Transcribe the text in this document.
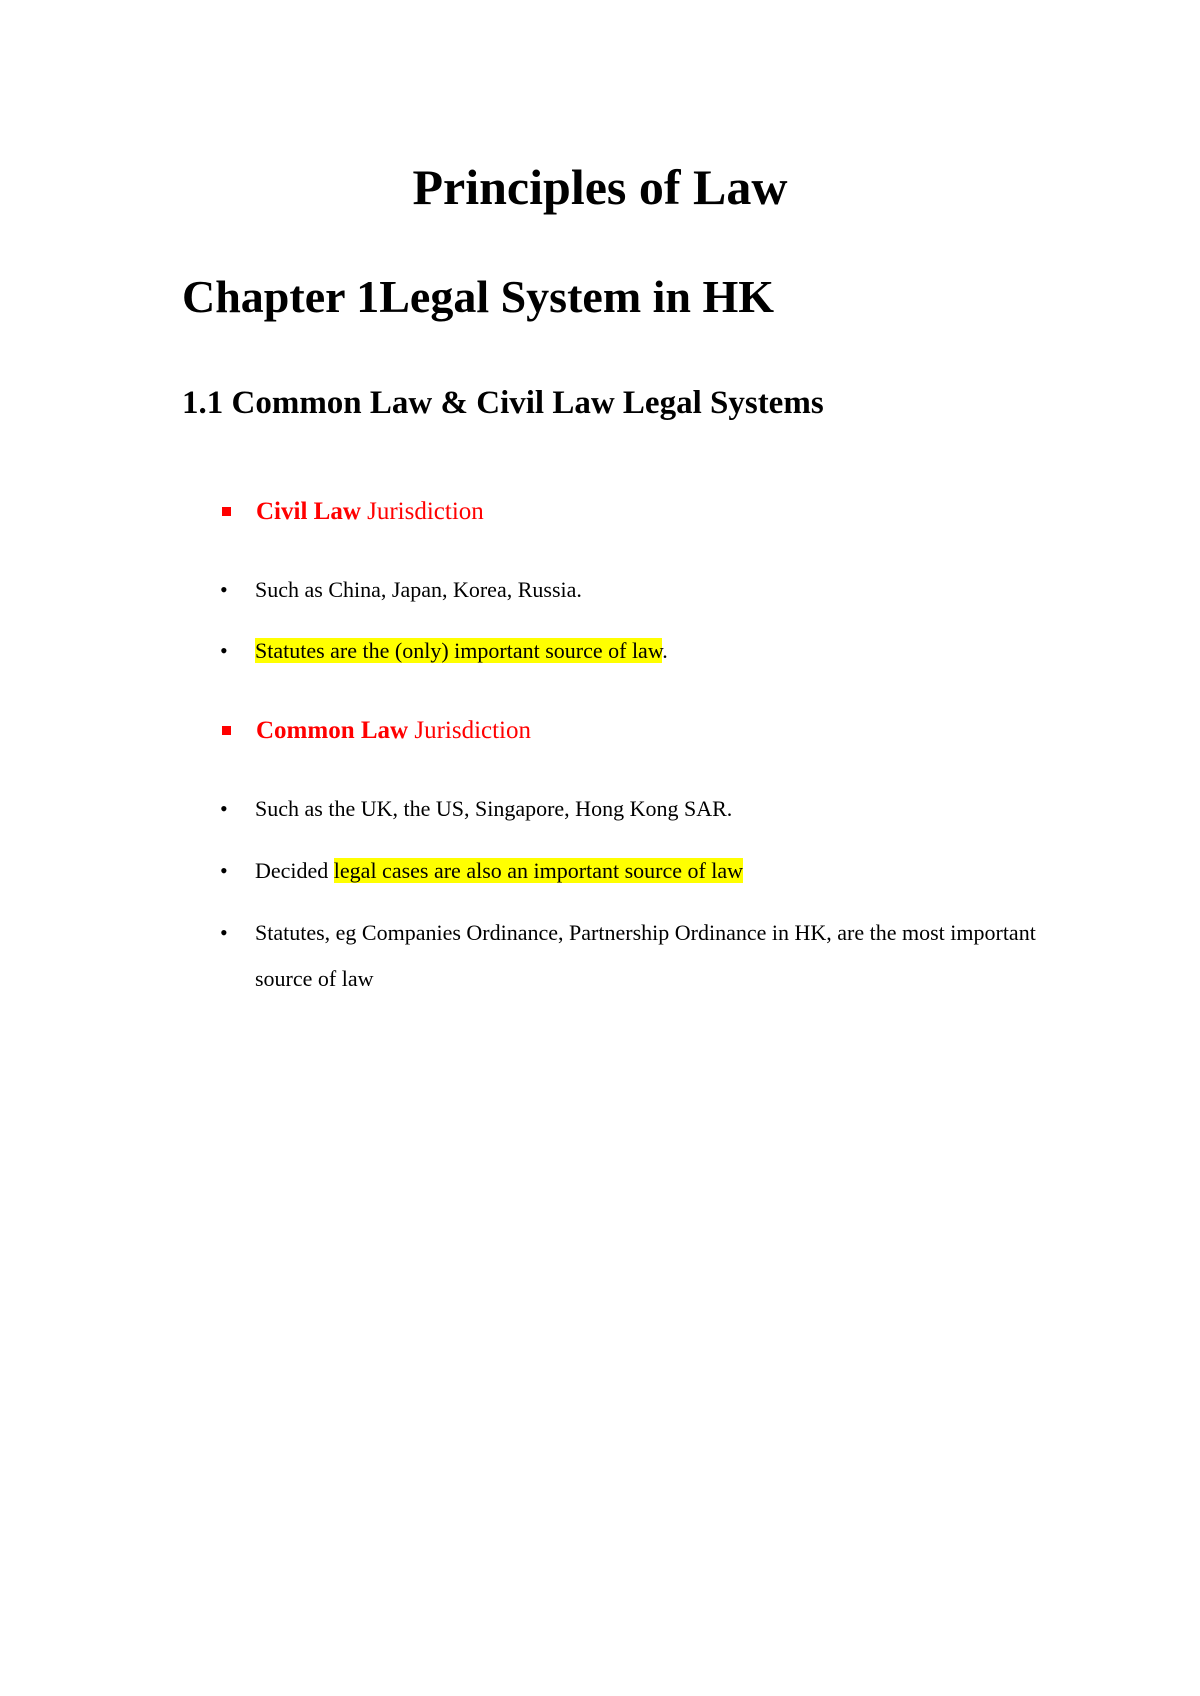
Principles of Law
Chapter 1Legal System in HK
1.1 Common Law & Civil Law Legal Systems
Civil Law Jurisdiction
• Such as China, Japan, Korea, Russia.
• Statutes are the (only) important source of law.
Common Law Jurisdiction
• Such as the UK, the US, Singapore, Hong Kong SAR.
• Decided legal cases are also an important source of law
• Statutes, eg Companies Ordinance, Partnership Ordinance in HK, are the most important source of law
